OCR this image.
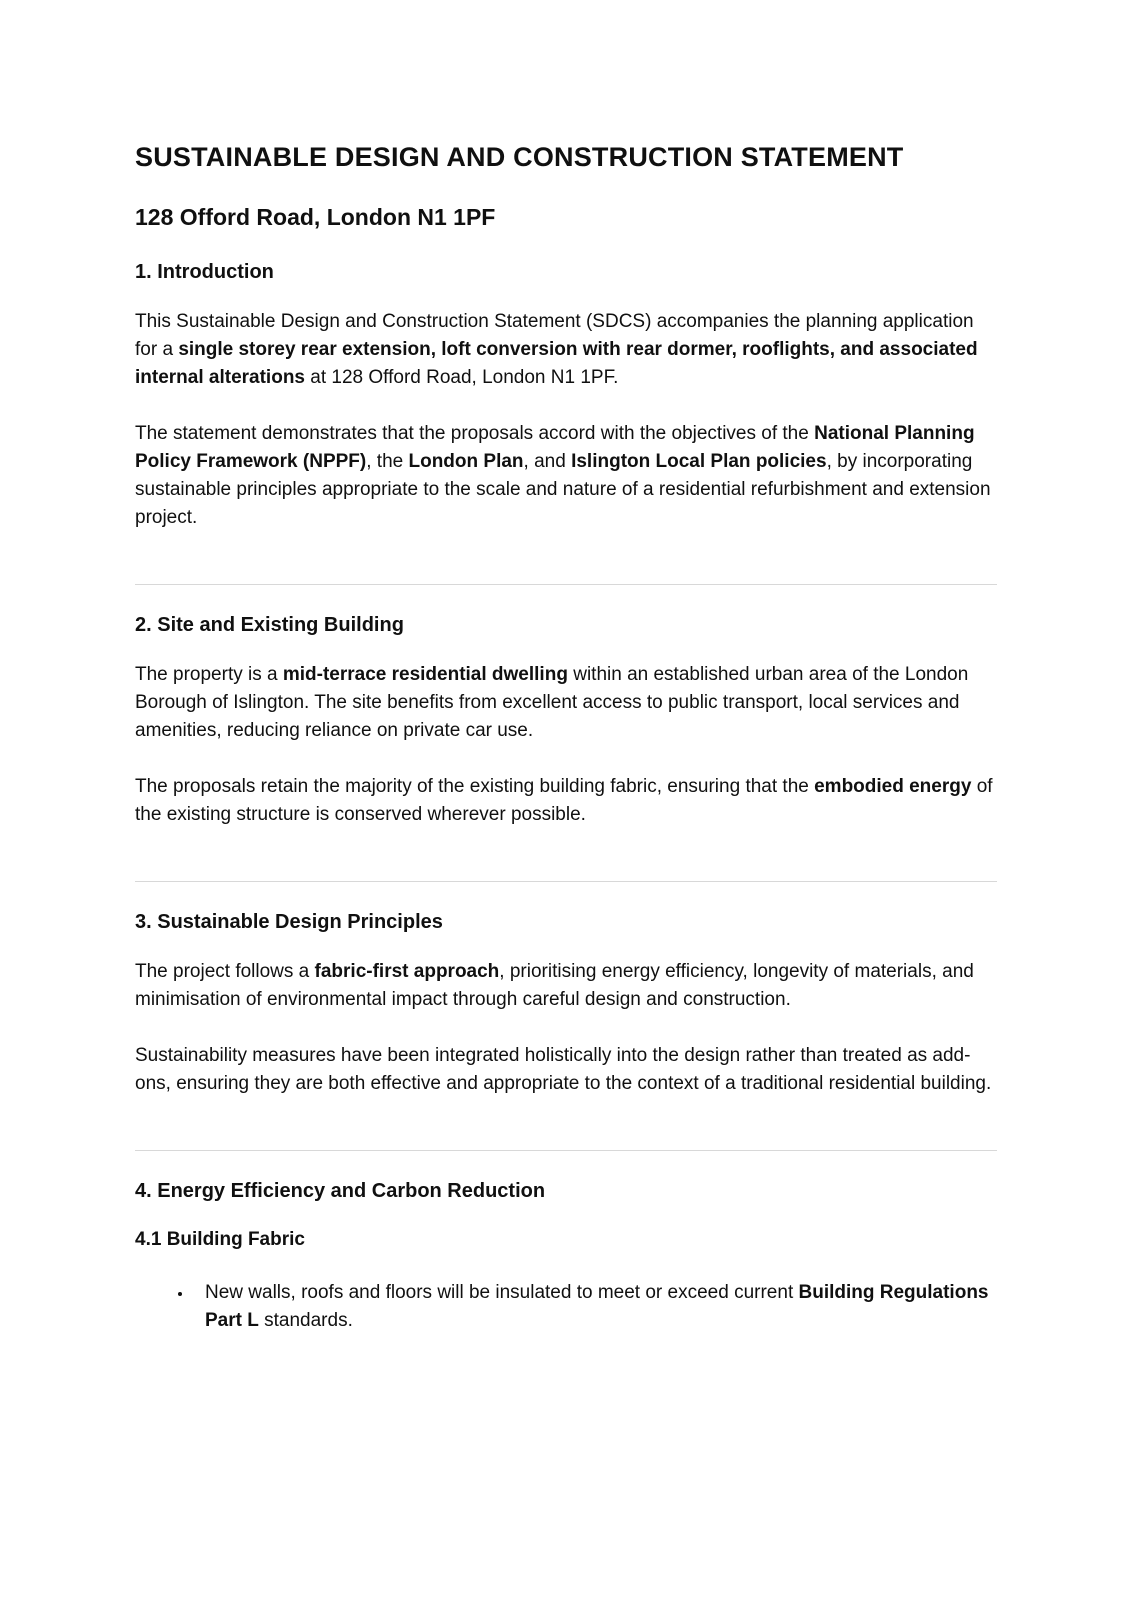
SUSTAINABLE DESIGN AND CONSTRUCTION STATEMENT
128 Offord Road, London N1 1PF
1. Introduction

This Sustainable Design and Construction Statement (SDCS) accompanies the planning application for a single storey rear extension, loft conversion with rear dormer, rooflights, and associated internal alterations at 128 Offord Road, London N1 1PF.

The statement demonstrates that the proposals accord with the objectives of the National Planning Policy Framework (NPPF), the London Plan, and Islington Local Plan policies, by incorporating sustainable principles appropriate to the scale and nature of a residential refurbishment and extension project.

2. Site and Existing Building

The property is a mid-terrace residential dwelling within an established urban area of the London Borough of Islington. The site benefits from excellent access to public transport, local services and amenities, reducing reliance on private car use.

The proposals retain the majority of the existing building fabric, ensuring that the embodied energy of the existing structure is conserved wherever possible.

3. Sustainable Design Principles

The project follows a fabric-first approach, prioritising energy efficiency, longevity of materials, and minimisation of environmental impact through careful design and construction.

Sustainability measures have been integrated holistically into the design rather than treated as add-ons, ensuring they are both effective and appropriate to the context of a traditional residential building.

4. Energy Efficiency and Carbon Reduction
4.1 Building Fabric
• New walls, roofs and floors will be insulated to meet or exceed current Building Regulations Part L standards.
